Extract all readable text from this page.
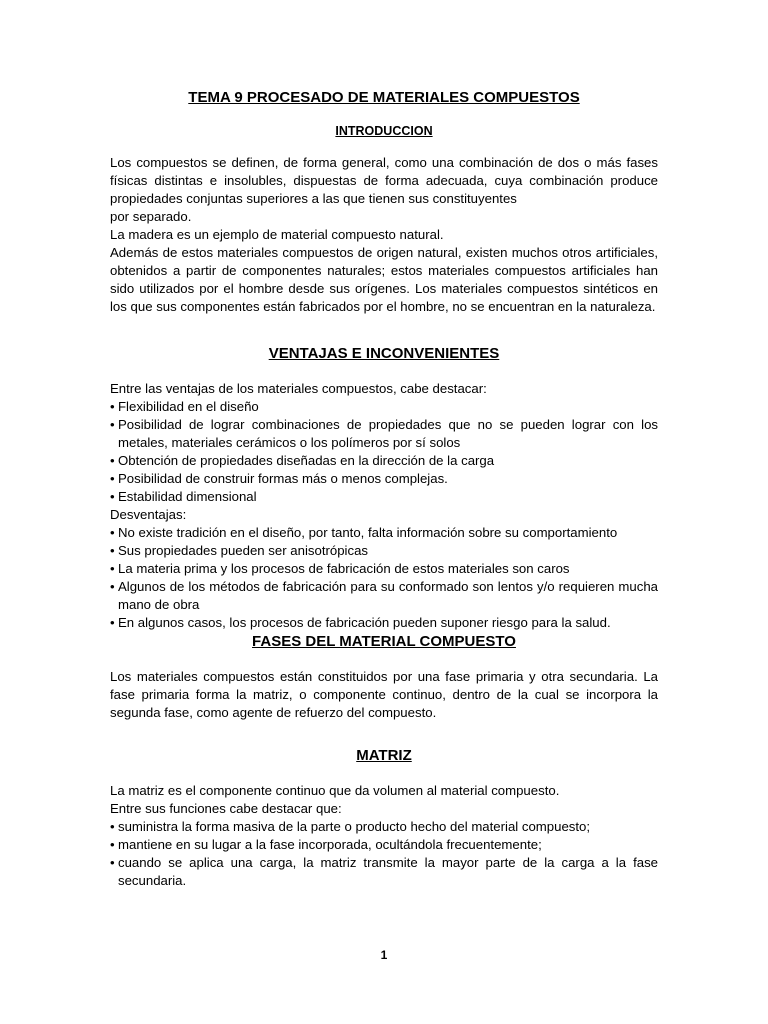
TEMA 9 PROCESADO DE MATERIALES COMPUESTOS
INTRODUCCION

Los compuestos se definen, de forma general, como una combinación de dos o más fases físicas distintas e insolubles, dispuestas de forma adecuada, cuya combinación produce propiedades conjuntas superiores a las que tienen sus constituyentes

por separado.

La madera es un ejemplo de material compuesto natural.

Además de estos materiales compuestos de origen natural, existen muchos otros artificiales, obtenidos a partir de componentes naturales; estos materiales compuestos artificiales han sido utilizados por el hombre desde sus orígenes. Los materiales compuestos sintéticos en los que sus componentes están fabricados por el hombre, no se encuentran en la naturaleza.

VENTAJAS E INCONVENIENTES

Entre las ventajas de los materiales compuestos, cabe destacar:

• Flexibilidad en el diseño
• Posibilidad de lograr combinaciones de propiedades que no se pueden lograr con los metales, materiales cerámicos o los polímeros por sí solos
• Obtención de propiedades diseñadas en la dirección de la carga
• Posibilidad de construir formas más o menos complejas.
• Estabilidad dimensional

Desventajas:

• No existe tradición en el diseño, por tanto, falta información sobre su comportamiento
• Sus propiedades pueden ser anisotrópicas
• La materia prima y los procesos de fabricación de estos materiales son caros
• Algunos de los métodos de fabricación para su conformado son lentos y/o requieren mucha mano de obra
• En algunos casos, los procesos de fabricación pueden suponer riesgo para la salud.
FASES DEL MATERIAL COMPUESTO

Los materiales compuestos están constituidos por una fase primaria y otra secundaria. La fase primaria forma la matriz, o componente continuo, dentro de la cual se incorpora la segunda fase, como agente de refuerzo del compuesto.

MATRIZ

La matriz es el componente continuo que da volumen al material compuesto.

Entre sus funciones cabe destacar que:

• suministra la forma masiva de la parte o producto hecho del material compuesto;
• mantiene en su lugar a la fase incorporada, ocultándola frecuentemente;
• cuando se aplica una carga, la matriz transmite la mayor parte de la carga a la fase secundaria.
1
